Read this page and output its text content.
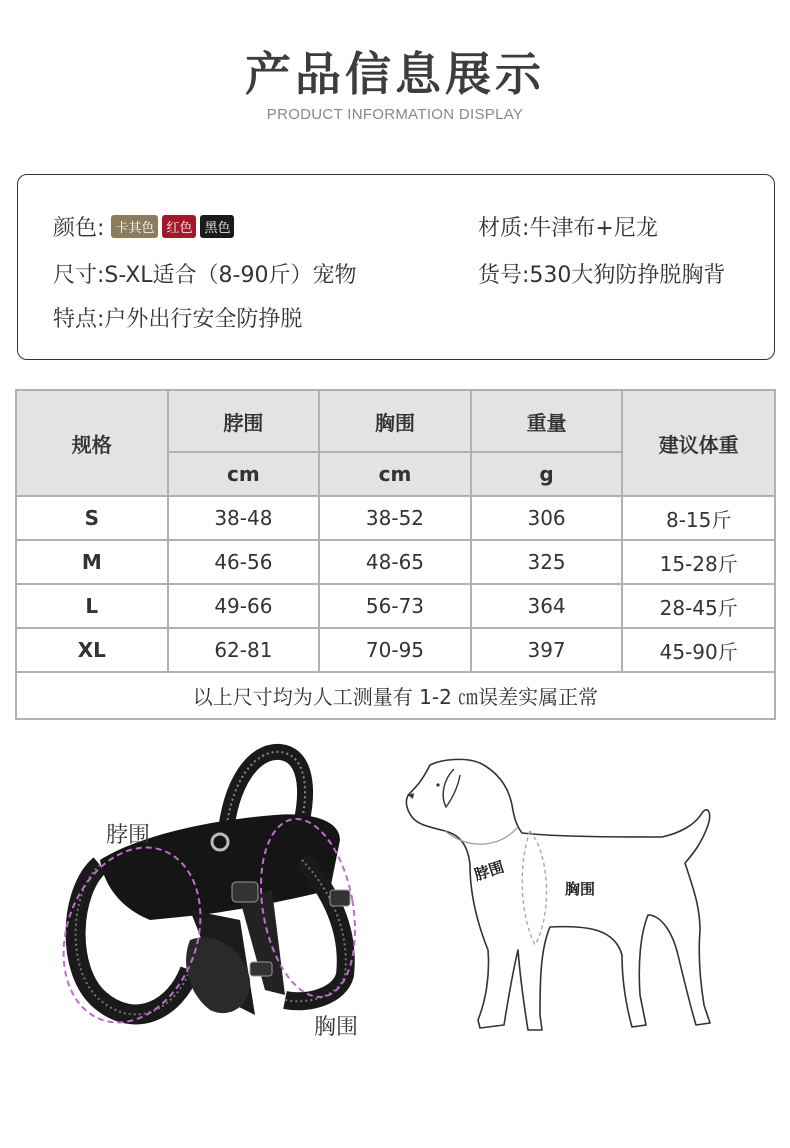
产品信息展示
PRODUCT INFORMATION DISPLAY
颜色: 卡其色 红色 黑色	材质:牛津布+尼龙
尺寸:S-XL适合（8-90斤）宠物	货号:530大狗防挣脱胸背
特点:户外出行安全防挣脱
规格	脖围	胸围	重量	建议体重
	cm	cm	g	
S	38-48	38-52	306	8-15斤
M	46-56	48-65	325	15-28斤
L	49-66	56-73	364	28-45斤
XL	62-81	70-95	397	45-90斤
以上尺寸均为人工测量有 1-2 ㎝误差实属正常				
脖围
胸围
脖围
胸围
